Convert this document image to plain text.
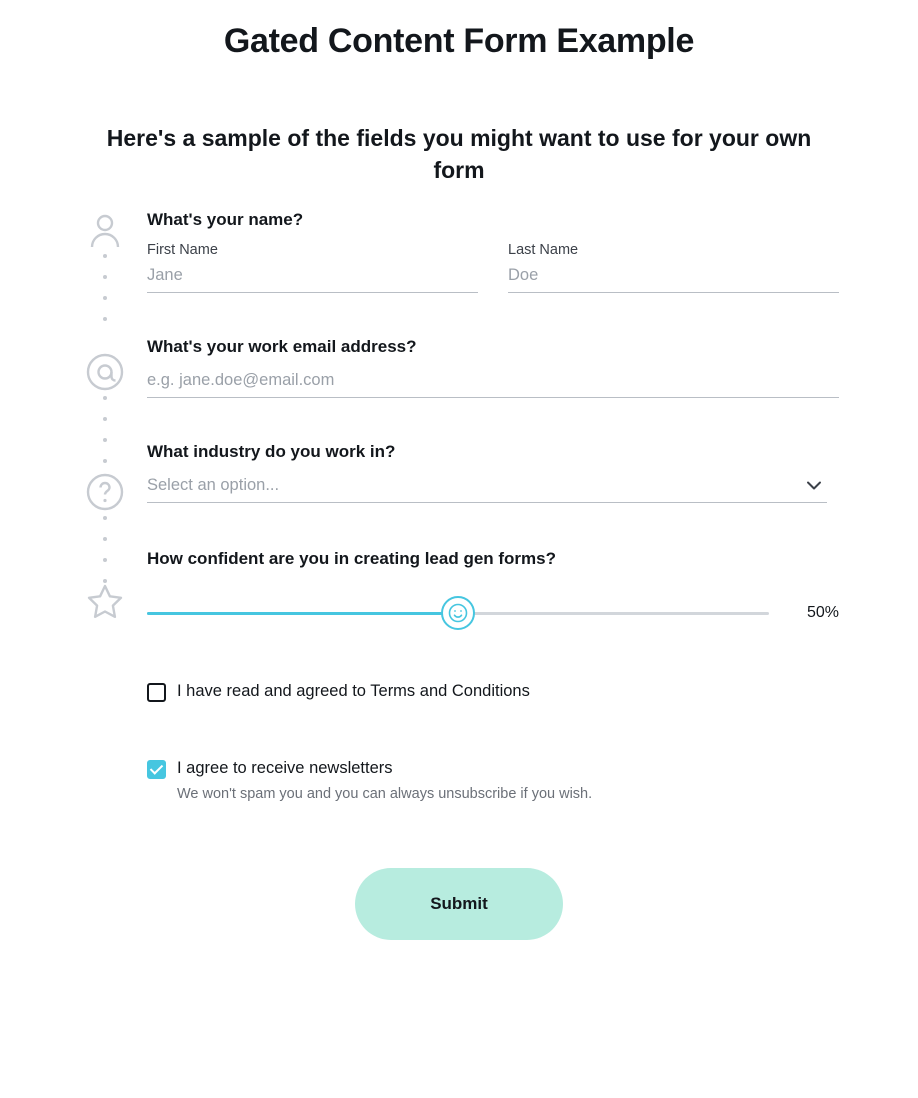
Gated Content Form Example
Here's a sample of the fields you might want to use for your own form
What's your name?
First Name
Jane	Last Name
Doe
What's your work email address?
e.g. jane.doe@email.com
What industry do you work in?
Select an option...
How confident are you in creating lead gen forms?
50%
I have read and agreed to Terms and Conditions
I agree to receive newsletters
We won't spam you and you can always unsubscribe if you wish.
Submit
